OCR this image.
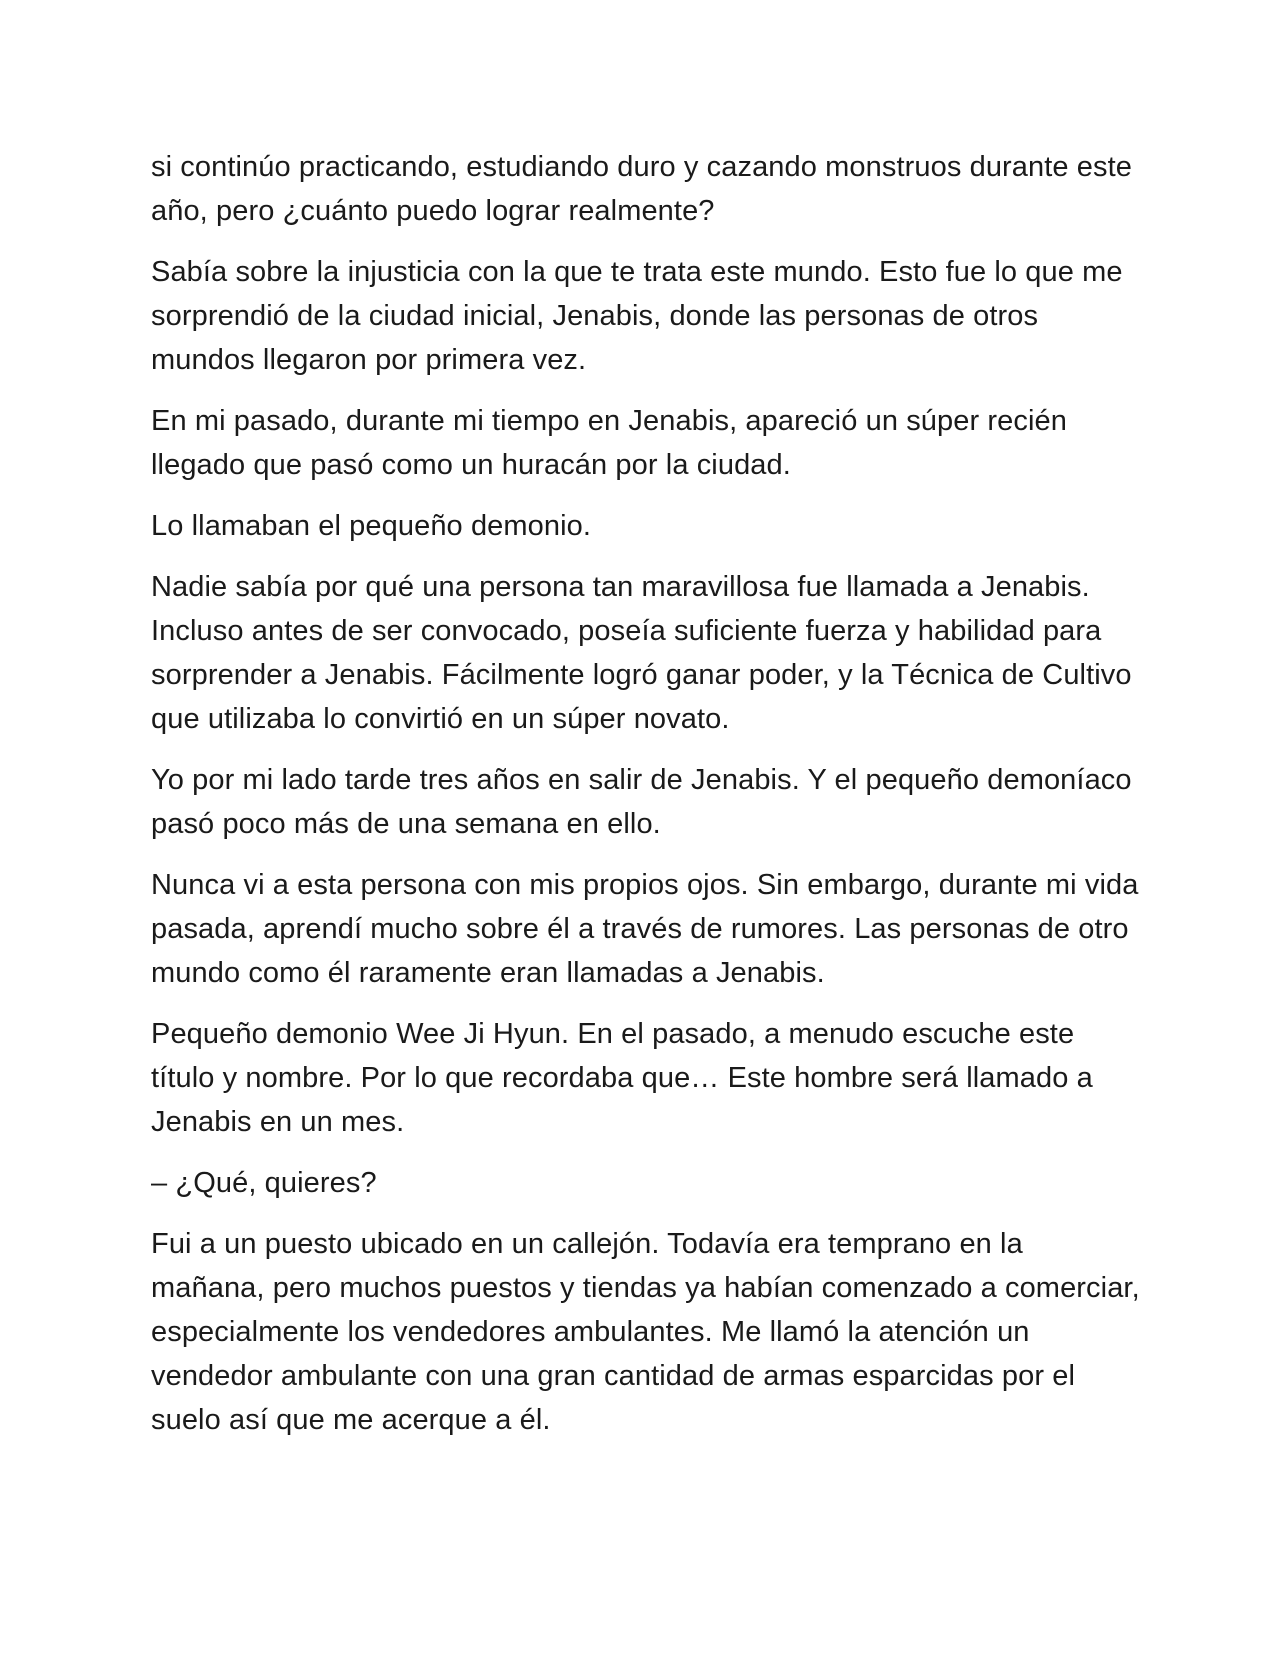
si continúo practicando, estudiando duro y cazando monstruos durante este año, pero ¿cuánto puedo lograr realmente?

Sabía sobre la injusticia con la que te trata este mundo. Esto fue lo que me sorprendió de la ciudad inicial, Jenabis, donde las personas de otros mundos llegaron por primera vez.

En mi pasado, durante mi tiempo en Jenabis, apareció un súper recién llegado que pasó como un huracán por la ciudad.

Lo llamaban el pequeño demonio.

Nadie sabía por qué una persona tan maravillosa fue llamada a Jenabis. Incluso antes de ser convocado, poseía suficiente fuerza y habilidad para sorprender a Jenabis. Fácilmente logró ganar poder, y la Técnica de Cultivo que utilizaba lo convirtió en un súper novato.

Yo por mi lado tarde tres años en salir de Jenabis. Y el pequeño demoníaco pasó poco más de una semana en ello.

Nunca vi a esta persona con mis propios ojos. Sin embargo, durante mi vida pasada, aprendí mucho sobre él a través de rumores. Las personas de otro mundo como él raramente eran llamadas a Jenabis.

Pequeño demonio Wee Ji Hyun. En el pasado, a menudo escuche este título y nombre. Por lo que recordaba que… Este hombre será llamado a Jenabis en un mes.

– ¿Qué, quieres?

Fui a un puesto ubicado en un callejón. Todavía era temprano en la mañana, pero muchos puestos y tiendas ya habían comenzado a comerciar, especialmente los vendedores ambulantes. Me llamó la atención un vendedor ambulante con una gran cantidad de armas esparcidas por el suelo así que me acerque a él.
